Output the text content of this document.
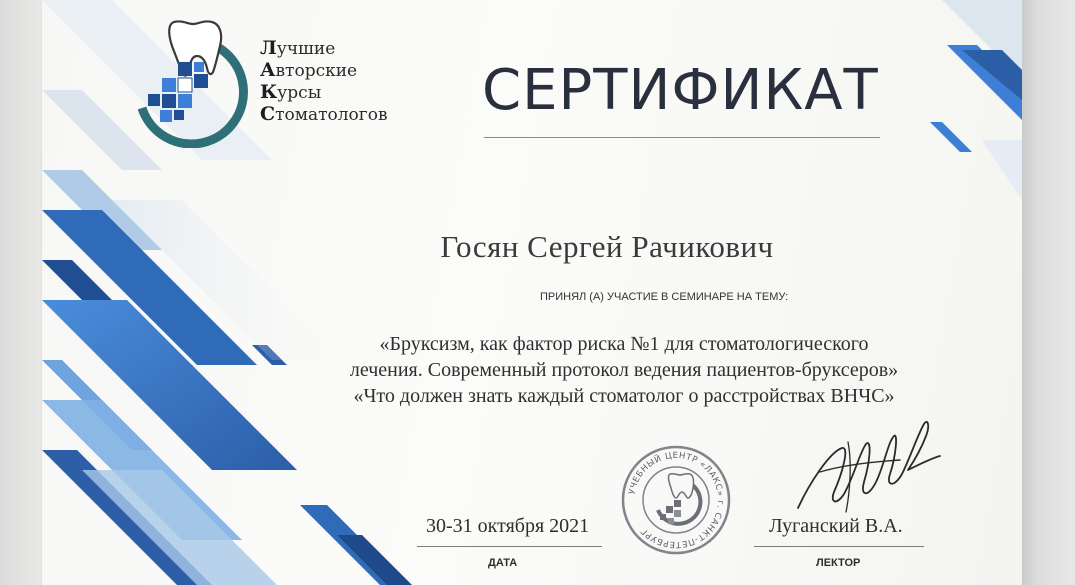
Лучшие
Авторские
Курсы
Стоматологов СЕРТИФИКАТ
Госян Сергей Рачикович
ПРИНЯЛ (А) УЧАСТИЕ В СЕМИНАРЕ НА ТЕМУ:
«Бруксизм, как фактор риска №1 для стоматологического
лечения. Современный протокол ведения пациентов-бруксеров»
«Что должен знать каждый стоматолог о расстройствах ВНЧС»
УЧЕБНЫЙ ЦЕНТР «ЛАКС» г. САНКТ-ПЕТЕРБУРГ
30-31 октября 2021
ДАТА
Луганский В.А.
ЛЕКТОР
